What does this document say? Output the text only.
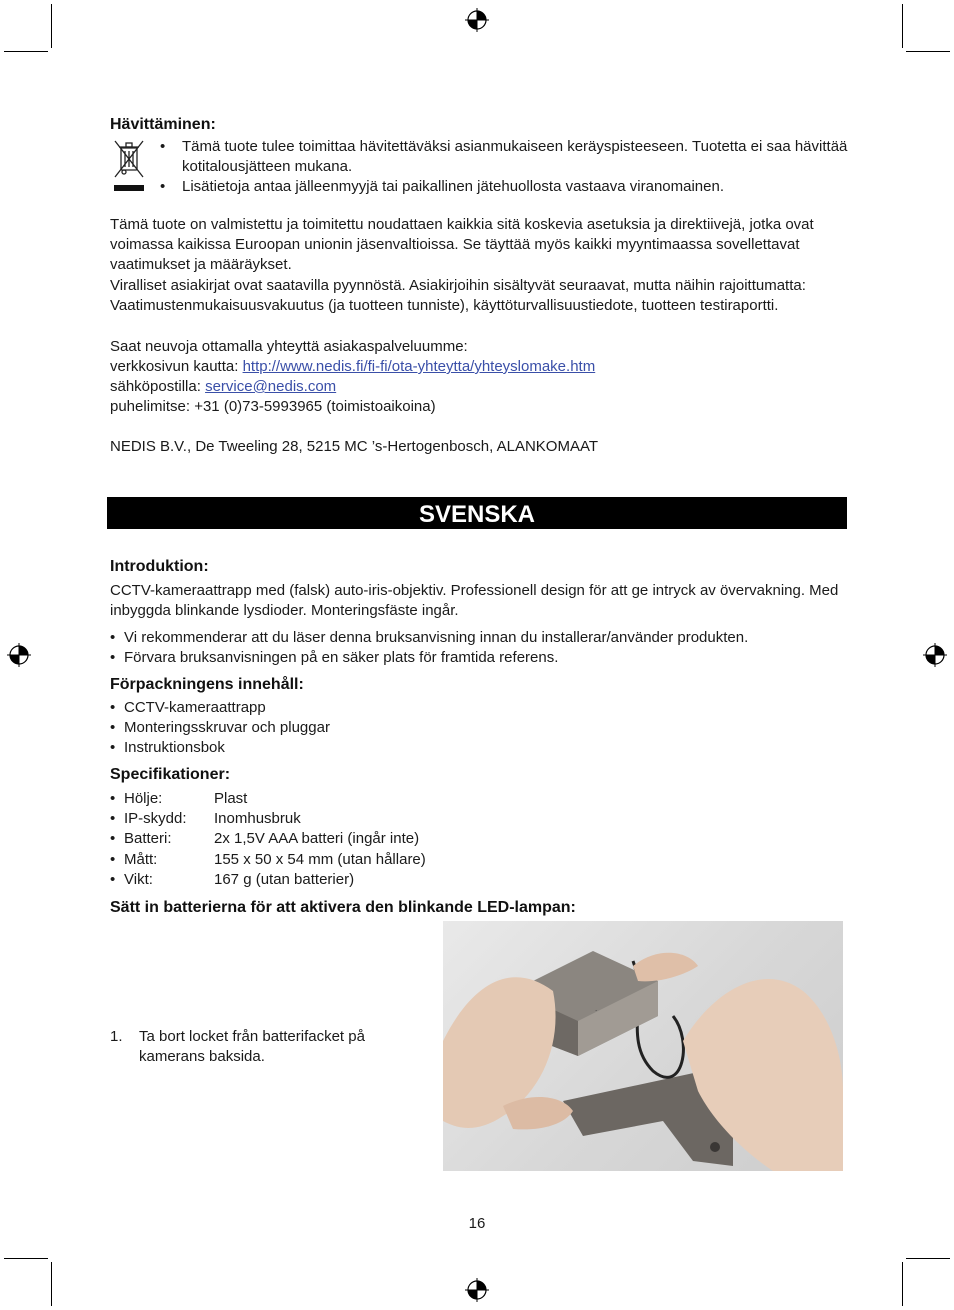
Hävittäminen:
• Tämä tuote tulee toimittaa hävitettäväksi asianmukaiseen keräyspisteeseen. Tuotetta ei saa hävittää kotitalousjätteen mukana.
• Lisätietoja antaa jälleenmyyjä tai paikallinen jätehuollosta vastaava viranomainen.

Tämä tuote on valmistettu ja toimitettu noudattaen kaikkia sitä koskevia asetuksia ja direktiivejä, jotka ovat voimassa kaikissa Euroopan unionin jäsenvaltioissa. Se täyttää myös kaikki myyntimaassa sovellettavat vaatimukset ja määräykset.

Viralliset asiakirjat ovat saatavilla pyynnöstä. Asiakirjoihin sisältyvät seuraavat, mutta näihin rajoittumatta: Vaatimustenmukaisuusvakuutus (ja tuotteen tunniste), käyttöturvallisuustiedote, tuotteen testiraportti.

Saat neuvoja ottamalla yhteyttä asiakaspalveluumme:

verkkosivun kautta: http://www.nedis.fi/fi-fi/ota-yhteytta/yhteyslomake.htm

sähköpostilla: service@nedis.com

puhelimitse: +31 (0)73-5993965 (toimistoaikoina)

NEDIS B.V., De Tweeling 28, 5215 MC ’s-Hertogenbosch, ALANKOMAAT

SVENSKA
Introduktion:

CCTV-kameraattrapp med (falsk) auto-iris-objektiv. Professionell design för att ge intryck av övervakning. Med inbyggda blinkande lysdioder. Monteringsfäste ingår.

• Vi rekommenderar att du läser denna bruksanvisning innan du installerar/använder produkten.
• Förvara bruksanvisningen på en säker plats för framtida referens.
Förpackningens innehåll:
• CCTV-kameraattrapp
• Monteringsskruvar och pluggar
• Instruktionsbok
Specifikationer:
• Hölje:	Plast
• IP-skydd: Inomhusbruk
• Batteri:	2x 1,5V AAA batteri (ingår inte)
• Mått:	155 x 50 x 54 mm (utan hållare)
• Vikt:	167 g (utan batterier)
Sätt in batterierna för att aktivera den blinkande LED-lampan:
1. Ta bort locket från batterifacket på kamerans baksida.

.
16
